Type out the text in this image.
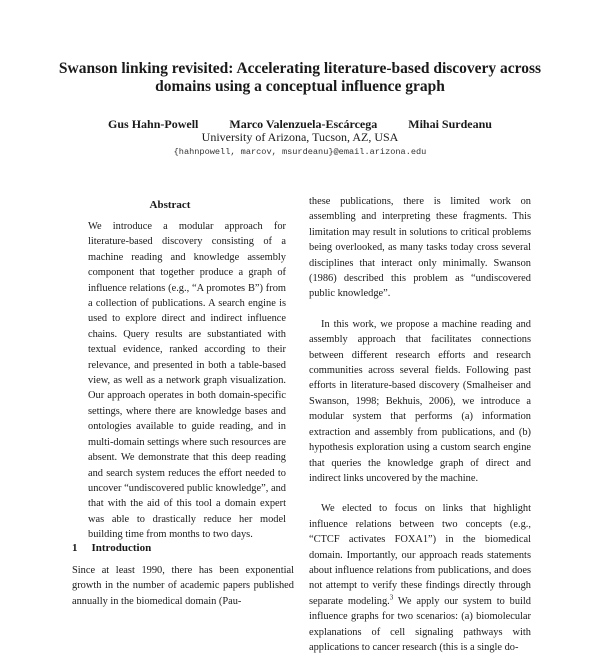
Swanson linking revisited: Accelerating literature-based discovery across domains using a conceptual influence graph
Gus Hahn-Powell	Marco Valenzuela-Escárcega	Mihai Surdeanu
University of Arizona, Tucson, AZ, USA
{hahnpowell, marcov, msurdeanu}@email.arizona.edu
Abstract
We introduce a modular approach for literature-based discovery consisting of a machine reading and knowledge assembly component that together produce a graph of influence relations (e.g., “A promotes B”) from a collection of publications. A search engine is used to explore direct and indirect influence chains. Query results are substantiated with textual evidence, ranked according to their relevance, and presented in both a table-based view, as well as a network graph visualization. Our approach operates in both domain-specific settings, where there are knowledge bases and ontologies available to guide reading, and in multi-domain settings where such resources are absent. We demonstrate that this deep reading and search system reduces the effort needed to uncover “undiscovered public knowledge”, and that with the aid of this tool a domain expert was able to drastically reduce her model building time from months to two days.
1 Introduction
Since at least 1990, there has been exponential growth in the number of academic papers published annually in the biomedical domain (Pau-

these publications, there is limited work on assembling and interpreting these fragments. This limitation may result in solutions to critical problems being overlooked, as many tasks today cross several disciplines that interact only minimally. Swanson (1986) described this problem as “undiscovered public knowledge”.

In this work, we propose a machine reading and assembly approach that facilitates connections between different research efforts and research communities across several fields. Following past efforts in literature-based discovery (Smalheiser and Swanson, 1998; Bekhuis, 2006), we introduce a modular system that performs (a) information extraction and assembly from publications, and (b) hypothesis exploration using a custom search engine that queries the knowledge graph of direct and indirect links uncovered by the machine.

We elected to focus on links that highlight influence relations between two concepts (e.g., “CTCF activates FOXA1”) in the biomedical domain. Importantly, our approach reads statements about influence relations from publications, and does not attempt to verify these findings directly through separate modeling.$^3$ We apply our system to build influence graphs for two scenarios: (a) biomolecular explanations of cell signaling pathways with applications to cancer research (this is a single do-
